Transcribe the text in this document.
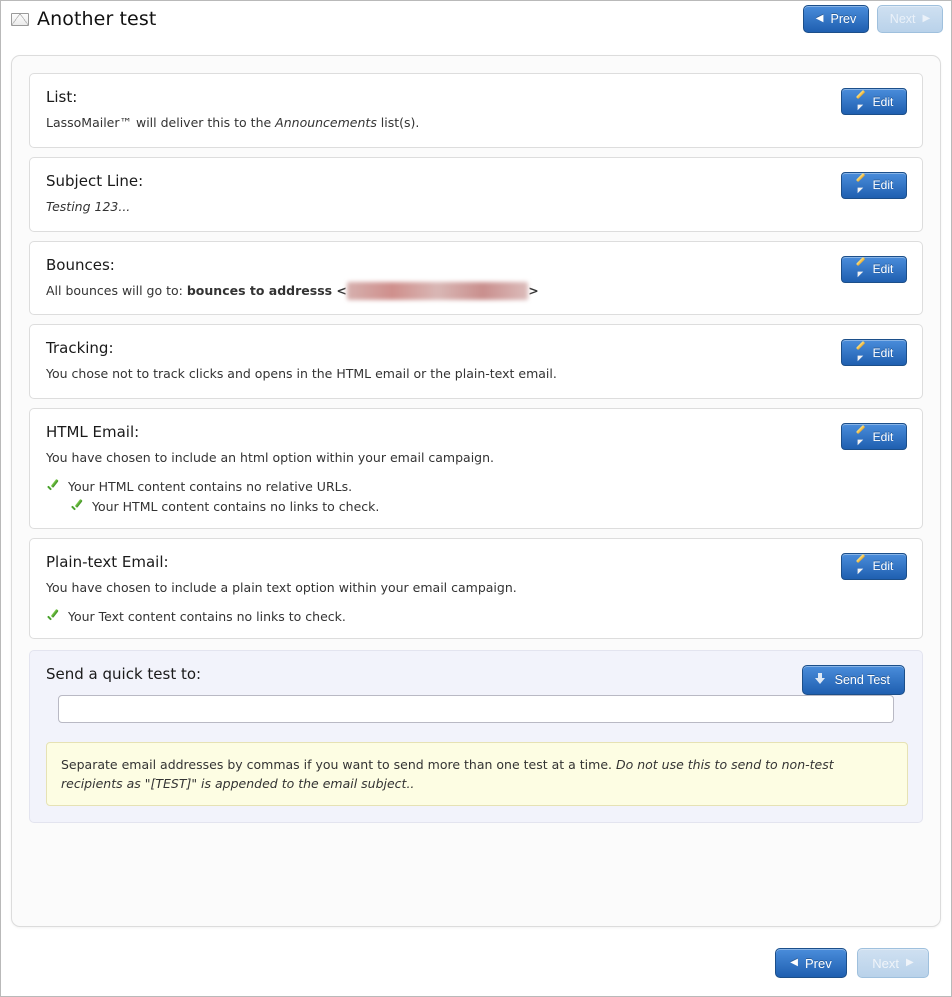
Another test	◀ Prev	Next ▶
List:

LassoMailer™ will deliver this to the Announcements list(s).

Edit
Subject Line:

Testing 123...

Edit
Bounces:

All bounces will go to: bounces to addresss <	>

Edit
Tracking:

You chose not to track clicks and opens in the HTML email or the plain-text email.

Edit
HTML Email:

You have chosen to include an html option within your email campaign.

Your HTML content contains no relative URLs.
Your HTML content contains no links to check.
Edit
Plain-text Email:

You have chosen to include a plain text option within your email campaign.

Your Text content contains no links to check.
Edit
Send a quick test to:	Send Test
Separate email addresses by commas if you want to send more than one test at a time. Do not use this to send to non-test recipients as "[TEST]" is appended to the email subject..
◀ Prev	Next ▶
